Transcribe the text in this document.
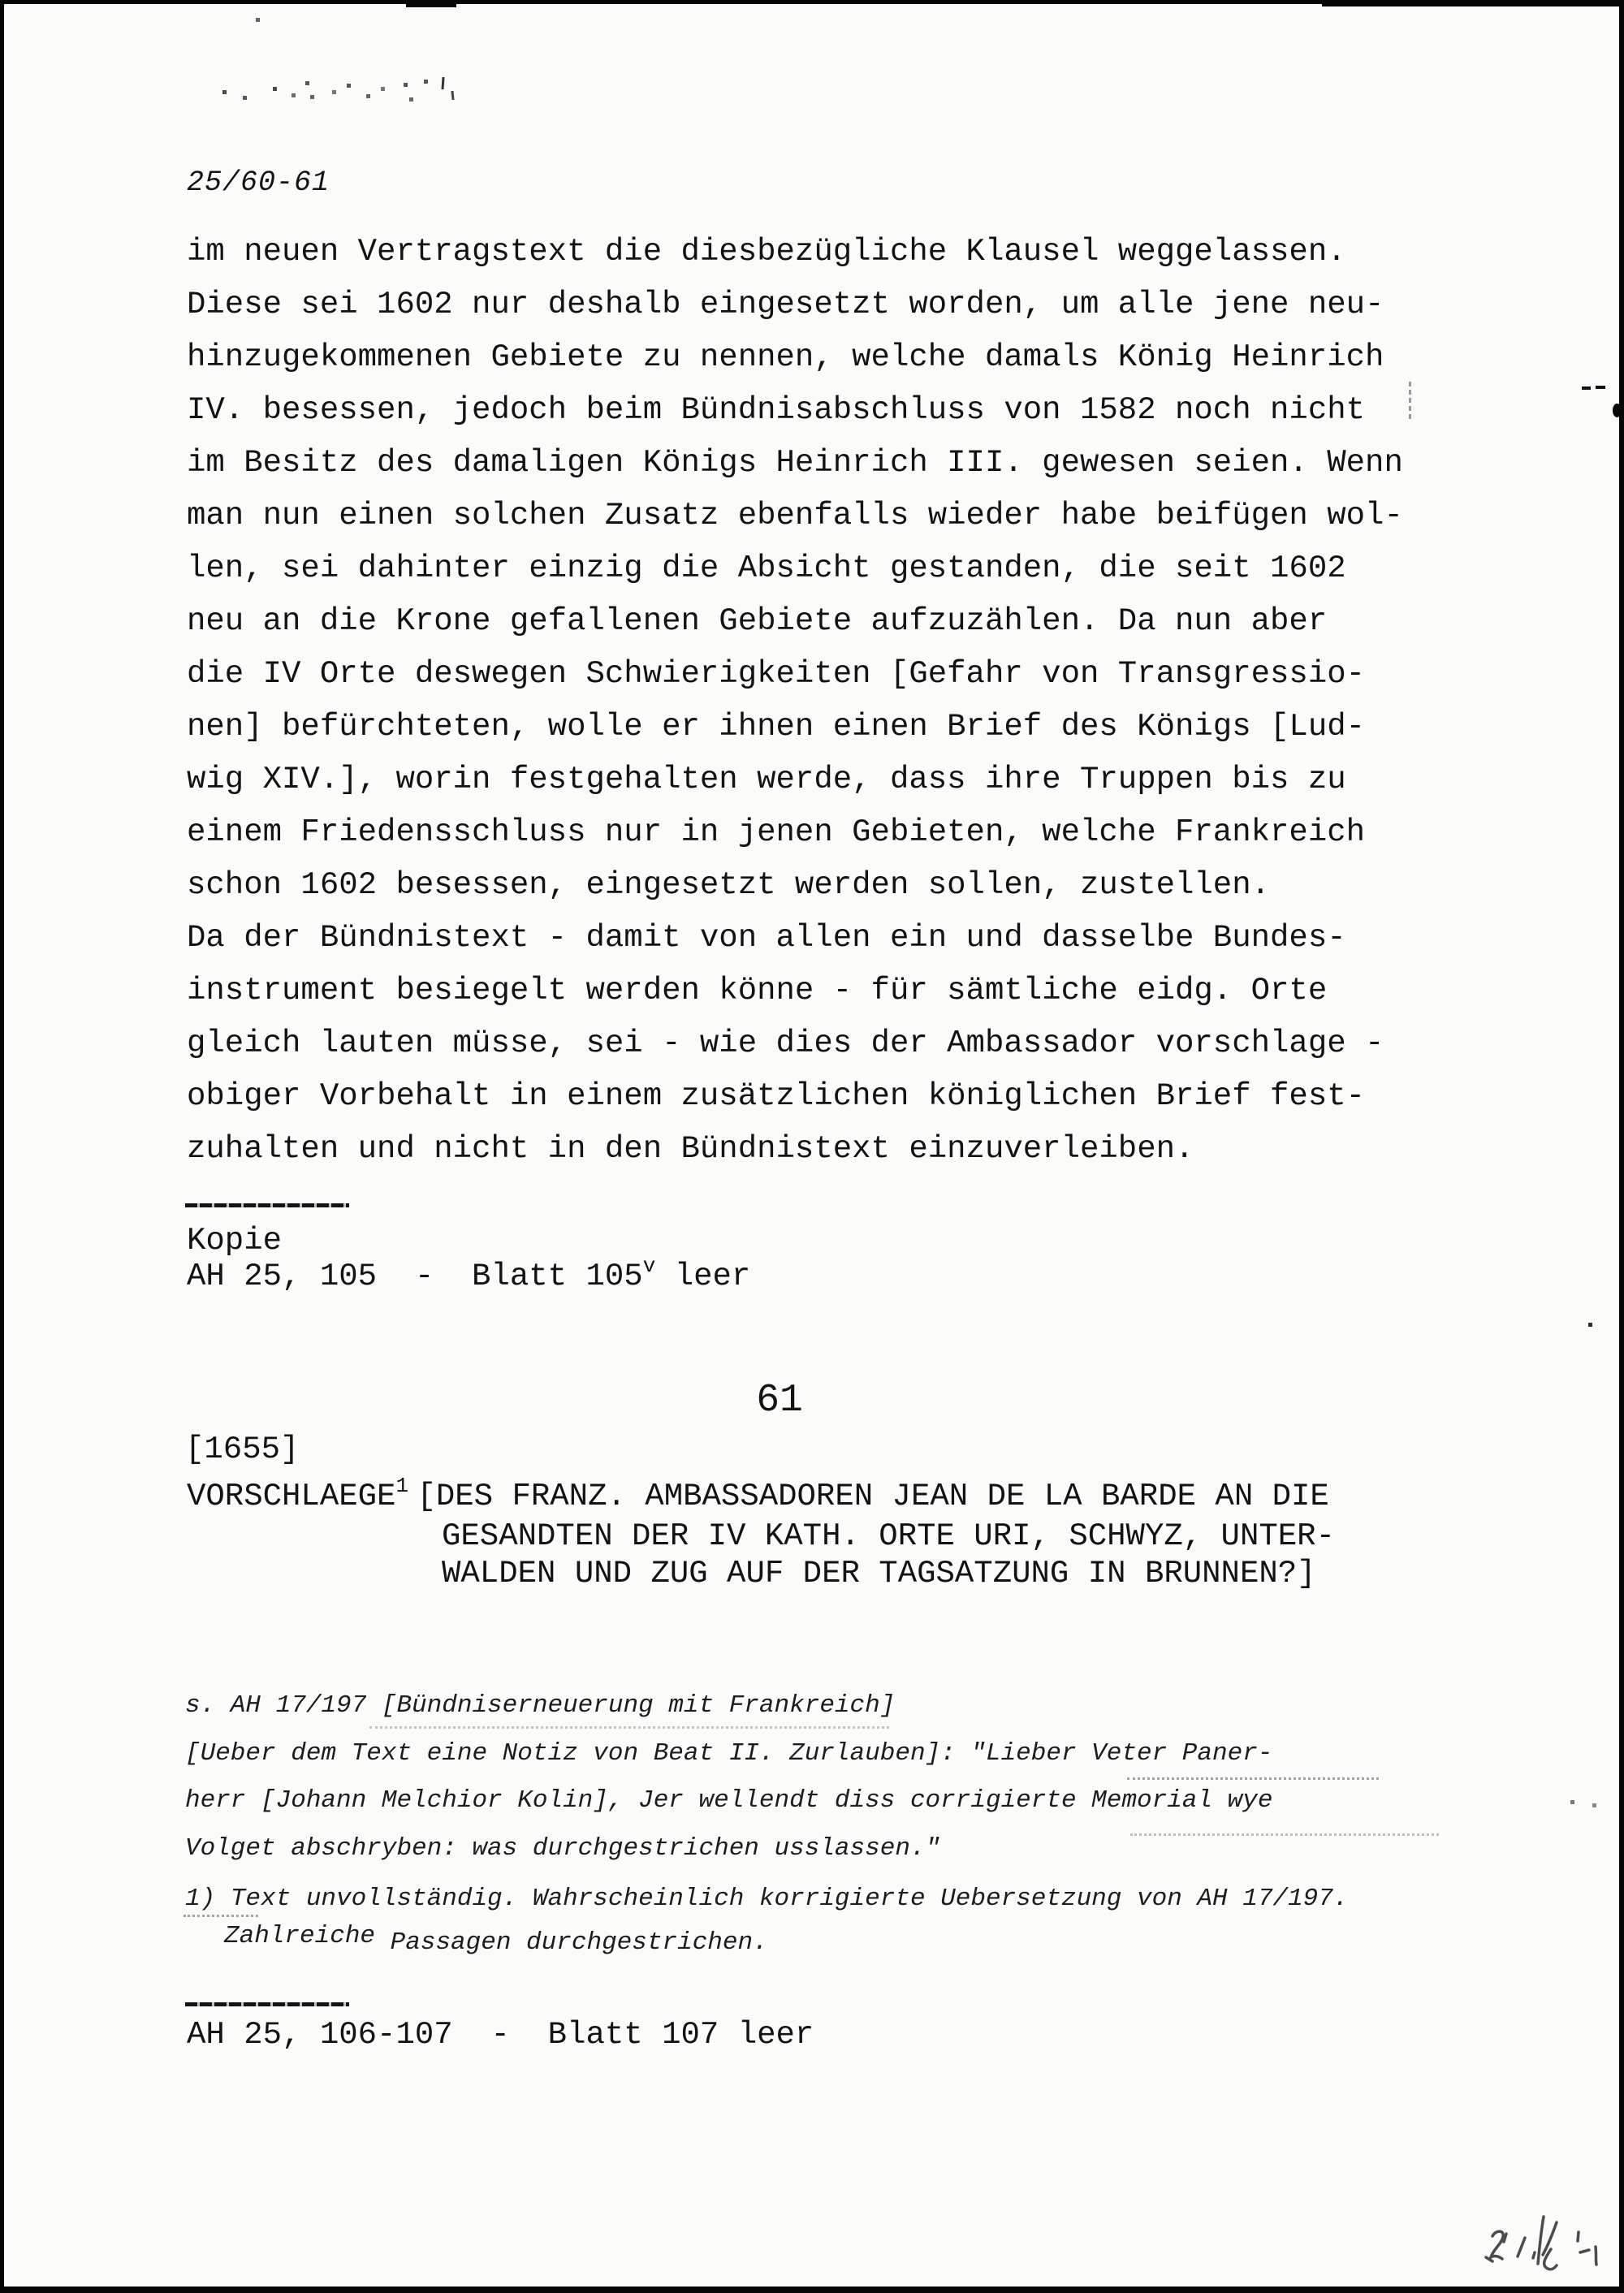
25/60-61
im neuen Vertragstext die diesbezügliche Klausel weggelassen.
Diese sei 1602 nur deshalb eingesetzt worden, um alle jene neu-
hinzugekommenen Gebiete zu nennen, welche damals König Heinrich
IV. besessen, jedoch beim Bündnisabschluss von 1582 noch nicht
im Besitz des damaligen Königs Heinrich III. gewesen seien. Wenn
man nun einen solchen Zusatz ebenfalls wieder habe beifügen wol-
len, sei dahinter einzig die Absicht gestanden, die seit 1602
neu an die Krone gefallenen Gebiete aufzuzählen. Da nun aber
die IV Orte deswegen Schwierigkeiten [Gefahr von Transgressio-
nen] befürchteten, wolle er ihnen einen Brief des Königs [Lud-
wig XIV.], worin festgehalten werde, dass ihre Truppen bis zu
einem Friedensschluss nur in jenen Gebieten, welche Frankreich
schon 1602 besessen, eingesetzt werden sollen, zustellen.
Da der Bündnistext - damit von allen ein und dasselbe Bundes-
instrument besiegelt werden könne - für sämtliche eidg. Orte
gleich lauten müsse, sei - wie dies der Ambassador vorschlage -
obiger Vorbehalt in einem zusätzlichen königlichen Brief fest-
zuhalten und nicht in den Bündnistext einzuverleiben.
Kopie
AH 25, 105  -  Blatt 105v leer
61
[1655]
VORSCHLAEGE1 [DES FRANZ. AMBASSADOREN JEAN DE LA BARDE AN DIE
GESANDTEN DER IV KATH. ORTE URI, SCHWYZ, UNTER-
WALDEN UND ZUG AUF DER TAGSATZUNG IN BRUNNEN?]
s. AH 17/197 [Bündniserneuerung mit Frankreich]
[Ueber dem Text eine Notiz von Beat II. Zurlauben]: "Lieber Veter Paner-
herr [Johann Melchior Kolin], Jer wellendt diss corrigierte Memorial wye
Volget abschryben: was durchgestrichen usslassen."
1) Text unvollständig. Wahrscheinlich korrigierte Uebersetzung von AH 17/197.
Zahlreiche Passagen durchgestrichen.
AH 25, 106-107  -  Blatt 107 leer
